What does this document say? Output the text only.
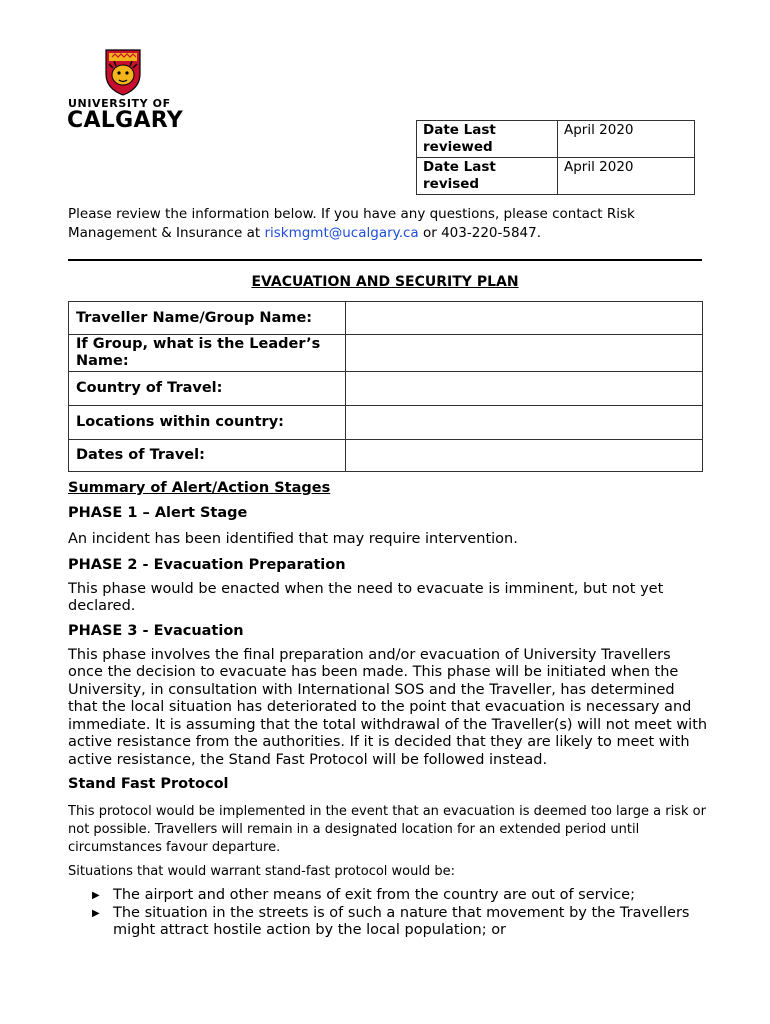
UNIVERSITY OF
CALGARY	Date Last reviewed	April 2020
Date Last revised	April 2020
Please review the information below. If you have any questions, please contact Risk Management & Insurance at riskmgmt@ucalgary.ca or 403-220-5847.
EVACUATION AND SECURITY PLAN
Traveller Name/Group Name:	
If Group, what is the Leader’s Name:	
Country of Travel:	
Locations within country:	
Dates of Travel:	

Summary of Alert/Action Stages

PHASE 1 – Alert Stage

An incident has been identified that may require intervention.

PHASE 2 - Evacuation Preparation

This phase would be enacted when the need to evacuate is imminent, but not yet declared.

PHASE 3 - Evacuation

This phase involves the final preparation and/or evacuation of University Travellers once the decision to evacuate has been made. This phase will be initiated when the University, in consultation with International SOS and the Traveller, has determined that the local situation has deteriorated to the point that evacuation is necessary and immediate. It is assuming that the total withdrawal of the Traveller(s) will not meet with active resistance from the authorities. If it is decided that they are likely to meet with active resistance, the Stand Fast Protocol will be followed instead.

Stand Fast Protocol

This protocol would be implemented in the event that an evacuation is deemed too large a risk or not possible. Travellers will remain in a designated location for an extended period until circumstances favour departure.

Situations that would warrant stand-fast protocol would be:

▶ The airport and other means of exit from the country are out of service;
▶ The situation in the streets is of such a nature that movement by the Travellers might attract hostile action by the local population; or
